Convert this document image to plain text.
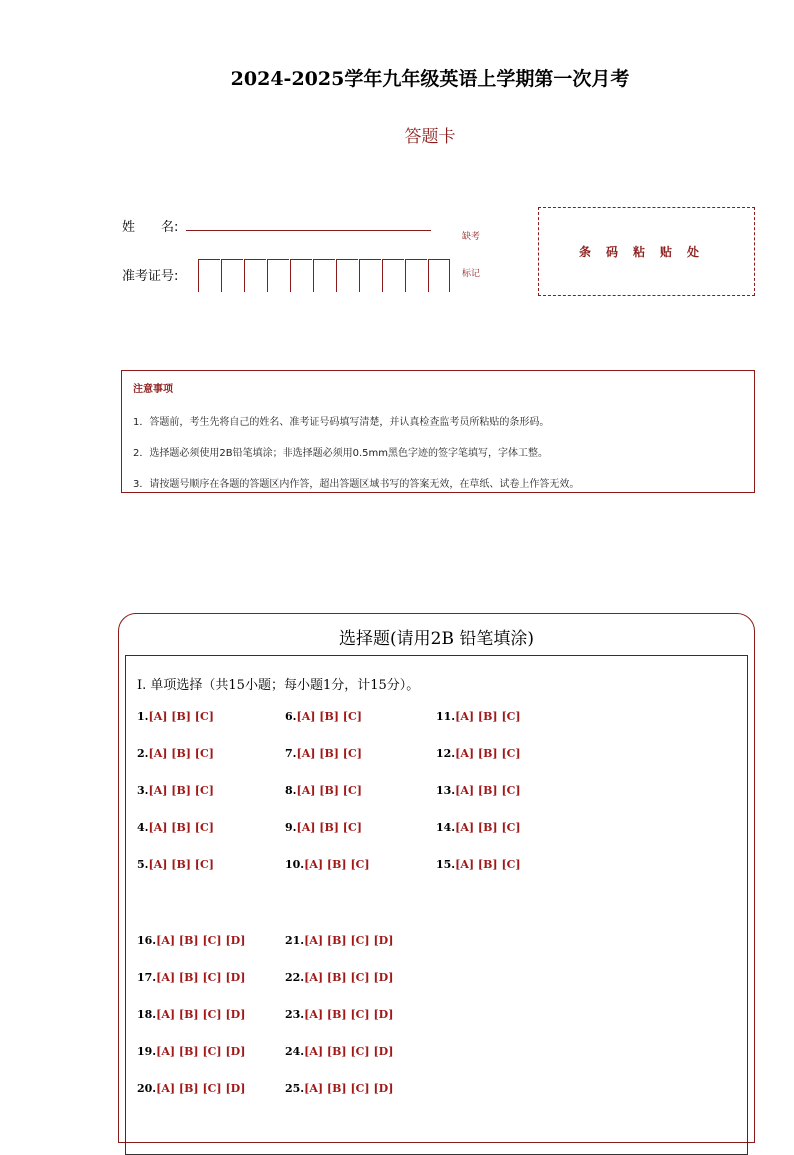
2024-2025学年九年级英语上学期第一次月考
答题卡
姓　　名:
准考证号:
缺考
标记
条码粘贴处
注意事项
1．答题前，考生先将自己的姓名、准考证号码填写清楚，并认真检查监考员所粘贴的条形码。
2．选择题必须使用2B铅笔填涂；非选择题必须用0.5mm黑色字迹的签字笔填写，字体工整。
3．请按题号顺序在各题的答题区内作答，超出答题区域书写的答案无效，在草纸、试卷上作答无效。
选择题(请用2B 铅笔填涂)
I. 单项选择（共15小题；每小题1分，计15分）。
1.[A] [B] [C]
2.[A] [B] [C]
3.[A] [B] [C]
4.[A] [B] [C]
5.[A] [B] [C]
6.[A] [B] [C]
7.[A] [B] [C]
8.[A] [B] [C]
9.[A] [B] [C]
10.[A] [B] [C]
11.[A] [B] [C]
12.[A] [B] [C]
13.[A] [B] [C]
14.[A] [B] [C]
15.[A] [B] [C]
16.[A] [B] [C] [D]
17.[A] [B] [C] [D]
18.[A] [B] [C] [D]
19.[A] [B] [C] [D]
20.[A] [B] [C] [D]
21.[A] [B] [C] [D]
22.[A] [B] [C] [D]
23.[A] [B] [C] [D]
24.[A] [B] [C] [D]
25.[A] [B] [C] [D]
